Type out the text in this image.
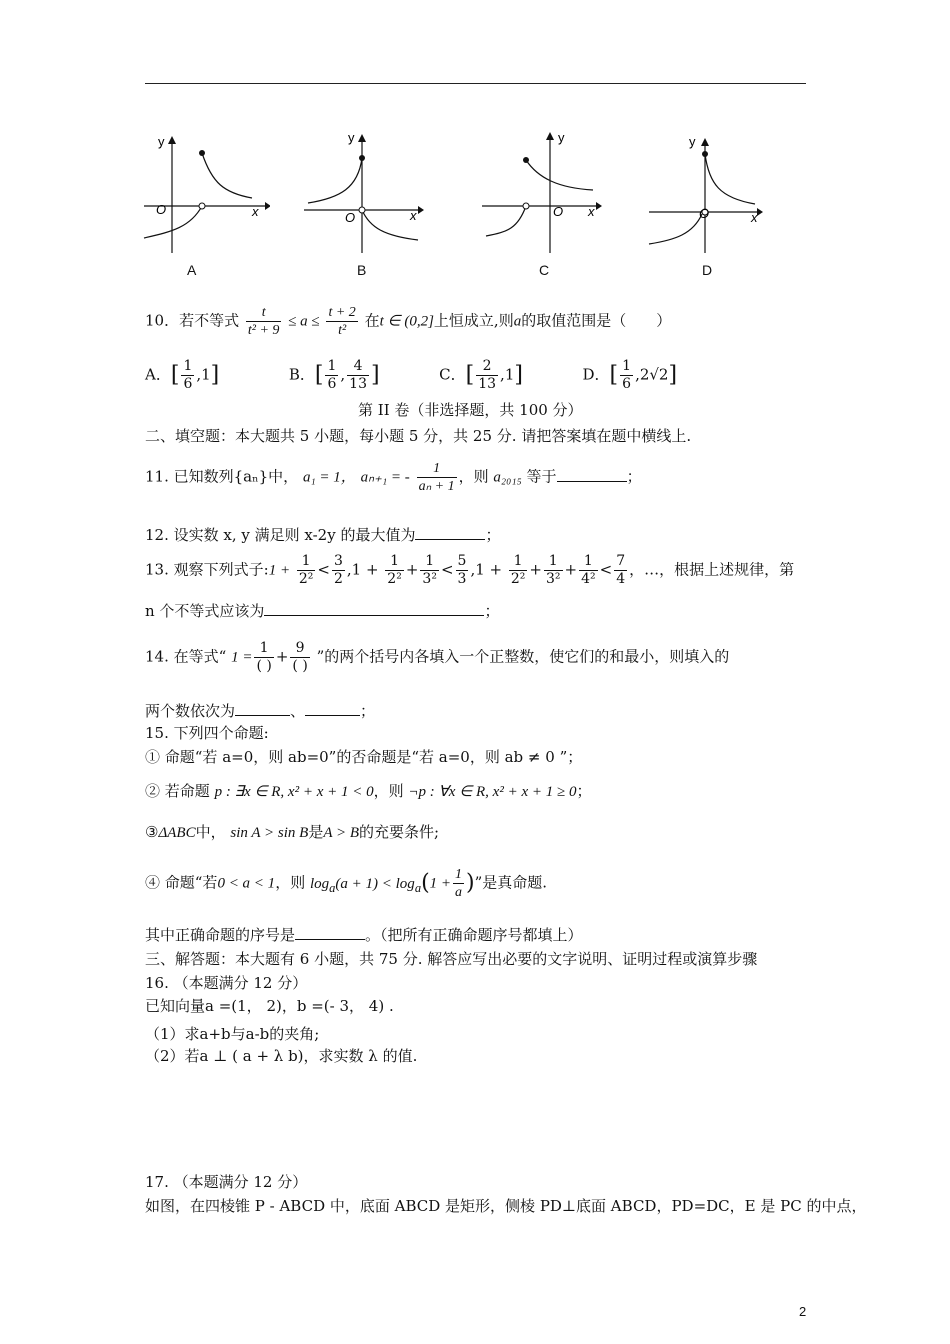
y
O	x
A
y
O	x
B
y
O x
C
y
O	x
D
10．若不等式 $\frac{t}{\text{t² + 9}} \le a \le \frac{t + 2}{\text{t²}}$ 在t ∈ (0,2]上恒成立,则a的取值范围是（　　）
A．[ $\frac{1}{6} ,1$]	B．[ $\frac{1}{6}$ , $\frac{4}{13}$ ]	C．[ $\frac{2}{13} ,1$]	D．[ $\frac{1}{6} ,2√2$]
第 II 卷（非选择题，共 100 分）
二、填空题：本大题共 5 小题，每小题 5 分，共 25 分. 请把答案填在题中横线上.
11. 已知数列{aₙ}中， a₁ = 1， aₙ₊₁ = - $\frac{1}{\text{aₙ + 1}}$ ，则 a₂₀₁₅ 等于	；
12. 设实数 x, y 满足则 x-2y 的最大值为	；
13. 观察下列式子:1 + $\frac{1}{\text{2²}} < \frac{3}{2} ,1 + \frac{1}{\text{2²}} + \frac{1}{\text{3²}} < \frac{5}{3} ,1 + \frac{1}{\text{2²}} + \frac{1}{\text{3²}} + \frac{1}{\text{4²}} < \frac{7}{4}$ ，…，根据上述规律，第
n 个不等式应该为	；
14. 在等式“ $1 = \frac{1}{( )} + \frac{9}{( )}$ ”的两个括号内各填入一个正整数，使它们的和最小，则填入的
两个数依次为	、	；
15. 下列四个命题:
① 命题“若 a=0，则 ab=0”的否命题是“若 a=0，则 ab ≠ 0 ”；
② 若命题 p : ∃x ∈ R, x² + x + 1 < 0，则 ¬p : ∀x ∈ R, x² + x + 1 ≥ 0；
③ΔABC中， sin A > sin B是A > B的充要条件;
④ 命题“若0 < a < 1，则 $\log_a(a + 1) < \log_a(1 + \frac{1}{a}$ )”是真命题.
其中正确命题的序号是	。（把所有正确命题序号都填上）
三、解答题：本大题有 6 小题，共 75 分. 解答应写出必要的文字说明、证明过程或演算步骤
16. （本题满分 12 分）
已知向量a =(1， 2)，b =(- 3， 4) .
（1）求a+b与a-b的夹角;
（2）若a ⊥ ( a + λ b)，求实数 λ 的值.
17. （本题满分 12 分）
如图，在四棱锥 P - ABCD 中，底面 ABCD 是矩形，侧棱 PD⊥底面 ABCD，PD=DC，E 是 PC 的中点，
2
